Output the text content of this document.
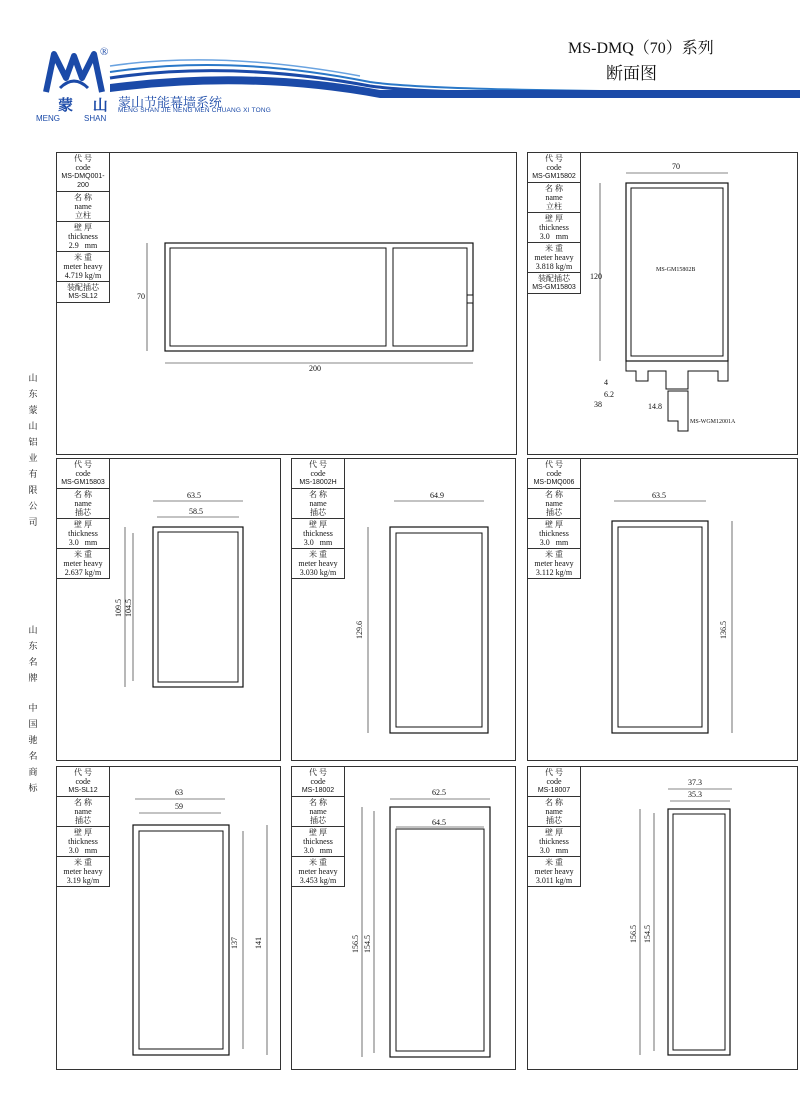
®
蒙 山
MENG	SHAN
蒙山节能幕墙系统
MENG SHAN JIE NENG MEN CHUANG XI TONG
MS-DMQ（70）系列
断面图
山东蒙山铝业有限公司
山东名牌
中国驰名商标
代 号
code
MS-DMQ001-200
名 称
name
立柱
壁 厚
thickness
2.9 mm
米 重
meter heavy
4.719 kg/m
装配插芯
MS-SL12	70
200
代 号
code
MS-GM15802
名 称
name
立柱
壁 厚
thickness
3.0 mm
米 重
meter heavy
3.818 kg/m
装配插芯
MS-GM15803
70
MS-GM15802B
120
4
6.2
38	14.8
MS-WGM12001A
代 号
code
MS-GM15803
名 称
name
插芯
壁 厚
thickness
3.0 mm
米 重
meter heavy
2.637 kg/m
63.5
58.5
109.5 104.5
代 号
code
MS-18002H
名 称
name
插芯
壁 厚
thickness
3.0 mm
米 重
meter heavy
3.030 kg/m
64.9
129.6
代 号
code
MS-DMQ006
名 称
name
插芯
壁 厚
thickness
3.0 mm
米 重
meter heavy
3.112 kg/m
63.5
136.5
代 号
code
MS-SL12
名 称
name
插芯
壁 厚
thickness
3.0 mm
米 重
meter heavy
3.19 kg/m
63
59
137 141
代 号
code
MS-18002
名 称
name
插芯
壁 厚
thickness
3.0 mm
米 重
meter heavy
3.453 kg/m
62.5
64.5
156.5 154.5
代 号
code
MS-18007
名 称
name
插芯
壁 厚
thickness
3.0 mm
米 重
meter heavy
3.011 kg/m
37.3
35.3
156.5 154.5
